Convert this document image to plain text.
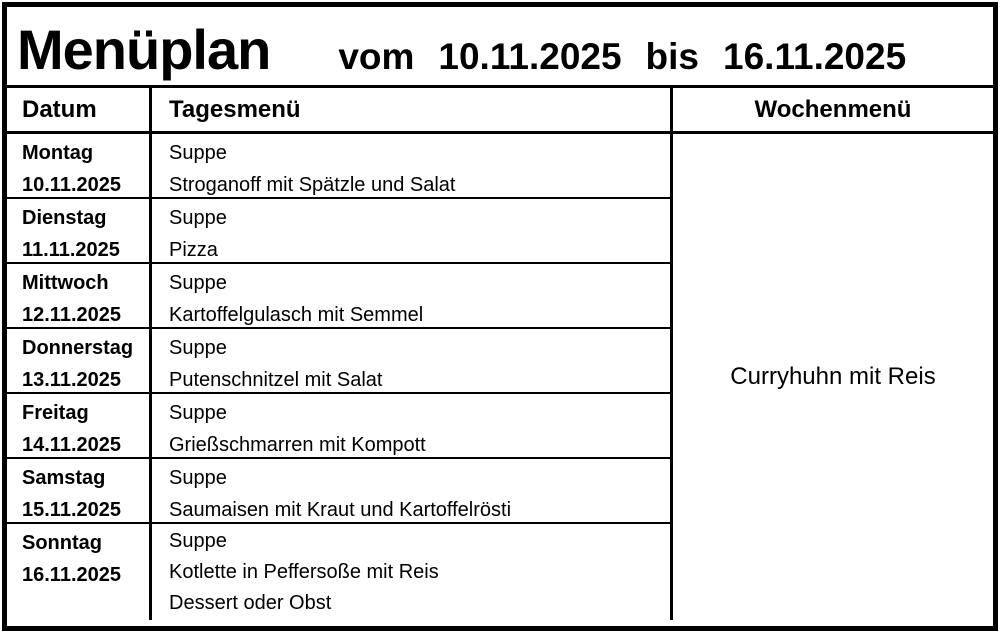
Menüplan vom 10.11.2025 bis 16.11.2025
Datum	Tagesmenü	Wochenmenü
Montag
10.11.2025
Suppe
Stroganoff mit Spätzle und Salat
Dienstag
11.11.2025
Suppe
Pizza
Mittwoch
12.11.2025
Suppe
Kartoffelgulasch mit Semmel
Donnerstag
13.11.2025
Suppe
Putenschnitzel mit Salat
Freitag
14.11.2025
Suppe
Grießschmarren mit Kompott
Samstag
15.11.2025
Suppe
Saumaisen mit Kraut und Kartoffelrösti
Sonntag
16.11.2025
Suppe
Kotlette in Peffersoße mit Reis
Dessert oder Obst
Curryhuhn mit Reis
